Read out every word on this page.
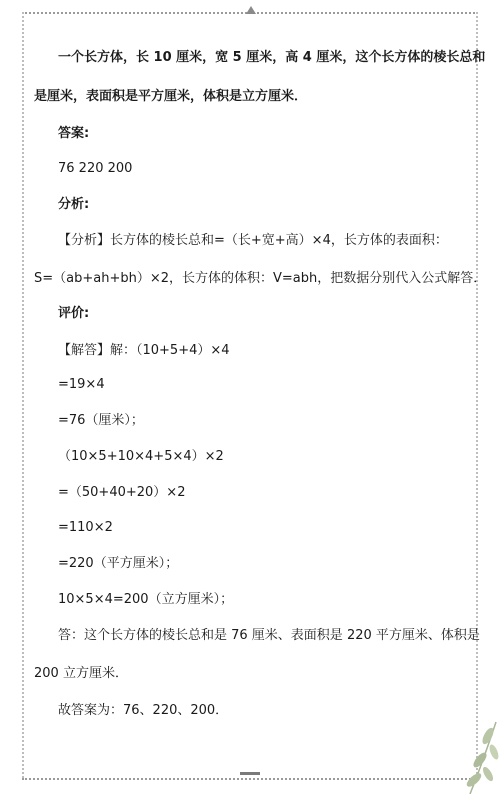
一个长方体，长 10 厘米，宽 5 厘米，高 4 厘米，这个长方体的棱长总和
是厘米，表面积是平方厘米，体积是立方厘米．
答案:
76 220 200
分析:
【分析】长方体的棱长总和=（长+宽+高）×4，长方体的表面积：
S=（ab+ah+bh）×2，长方体的体积：V=abh，把数据分别代入公式解答．
评价:
【解答】解：（10+5+4）×4
=19×4
=76（厘米）；
（10×5+10×4+5×4）×2
=（50+40+20）×2
=110×2
=220（平方厘米）；
10×5×4=200（立方厘米）；
答：这个长方体的棱长总和是 76 厘米、表面积是 220 平方厘米、体积是
200 立方厘米．
故答案为：76、220、200．
